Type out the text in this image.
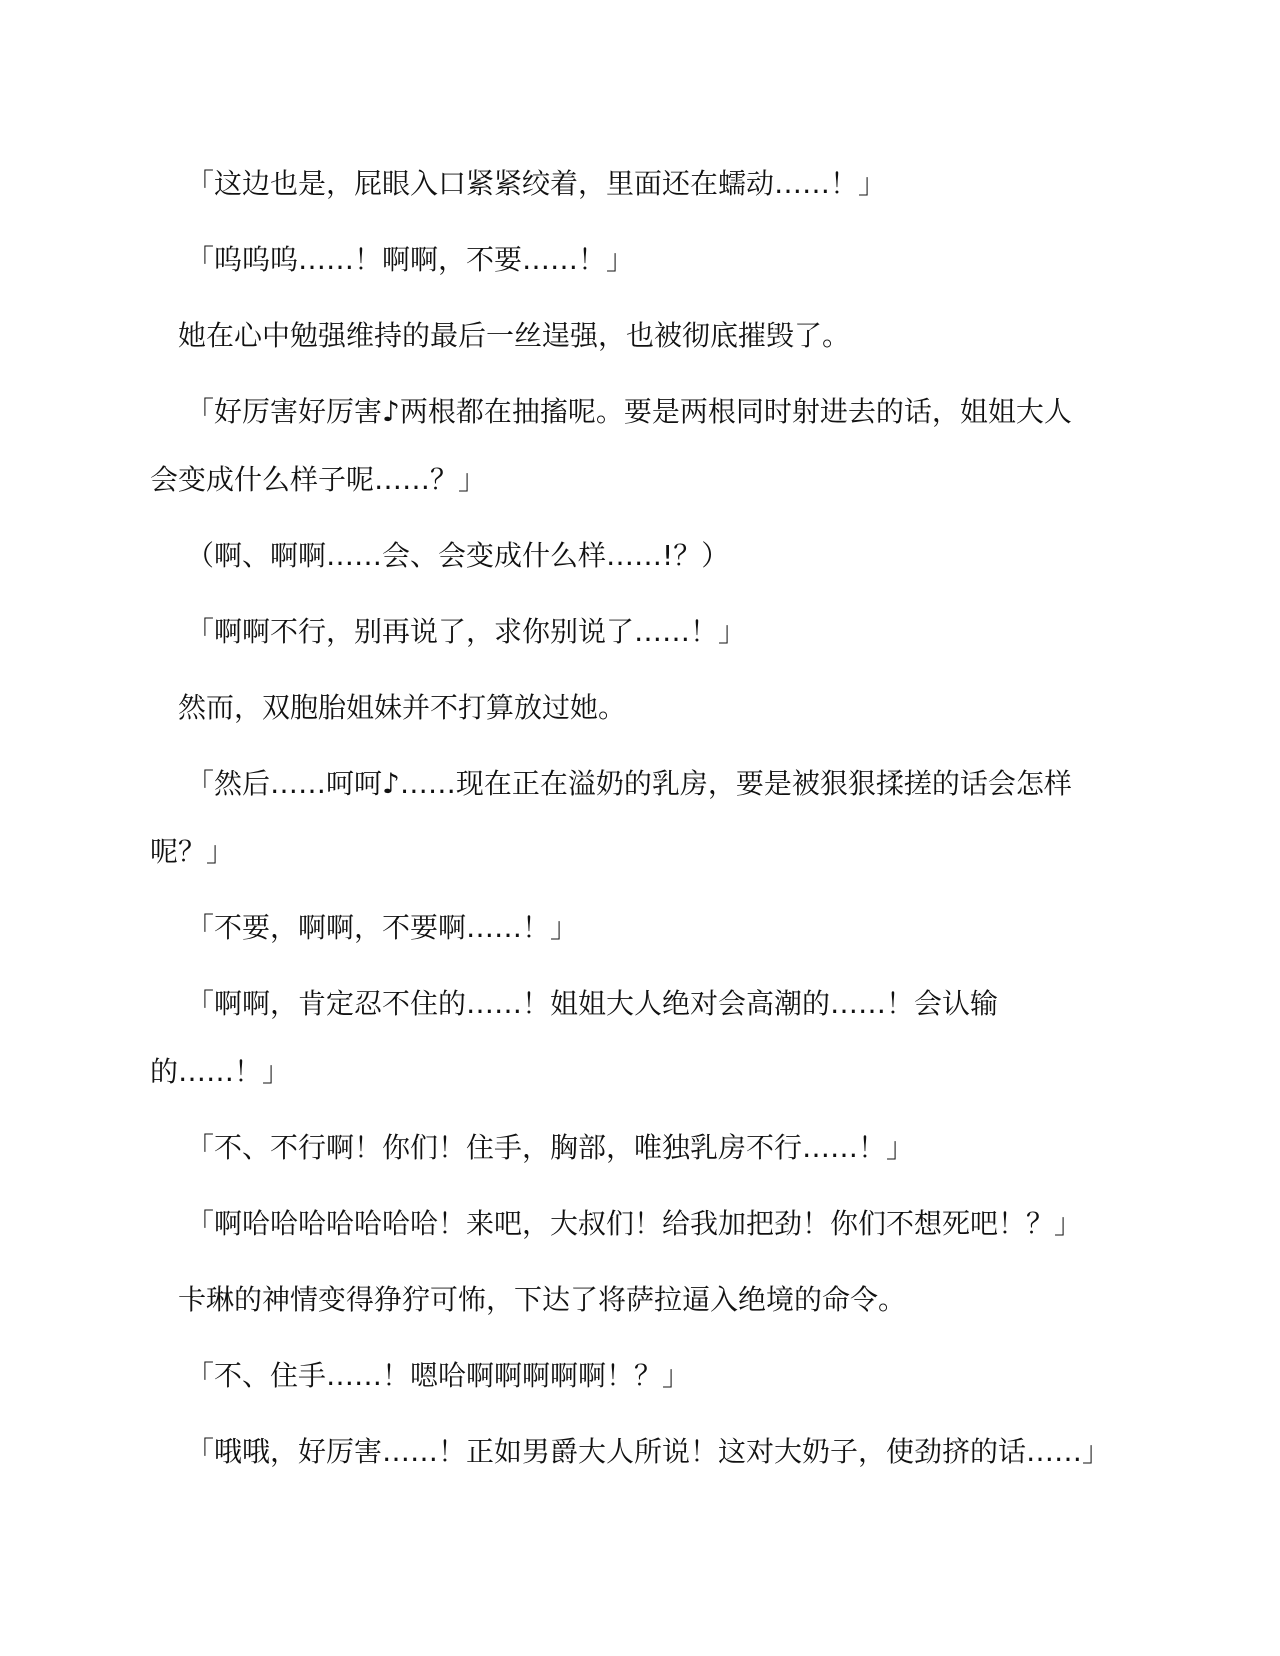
「这边也是，屁眼入口紧紧绞着，里面还在蠕动……！」

「呜呜呜……！啊啊，不要……！」

她在心中勉强维持的最后一丝逞强，也被彻底摧毁了。

「好厉害好厉害♪两根都在抽搐呢。要是两根同时射进去的话，姐姐大人
会变成什么样子呢……？」

（啊、啊啊……会、会变成什么样……!？）

「啊啊不行，别再说了，求你别说了……！」

然而，双胞胎姐妹并不打算放过她。

「然后……呵呵♪……现在正在溢奶的乳房，要是被狠狠揉搓的话会怎样
呢？」

「不要，啊啊，不要啊……！」

「啊啊，肯定忍不住的……！姐姐大人绝对会高潮的……！会认输
的……！」

「不、不行啊！你们！住手，胸部，唯独乳房不行……！」

「啊哈哈哈哈哈哈哈！来吧，大叔们！给我加把劲！你们不想死吧！？」

卡琳的神情变得狰狞可怖，下达了将萨拉逼入绝境的命令。

「不、住手……！嗯哈啊啊啊啊啊！？」

「哦哦，好厉害……！正如男爵大人所说！这对大奶子，使劲挤的话……」
